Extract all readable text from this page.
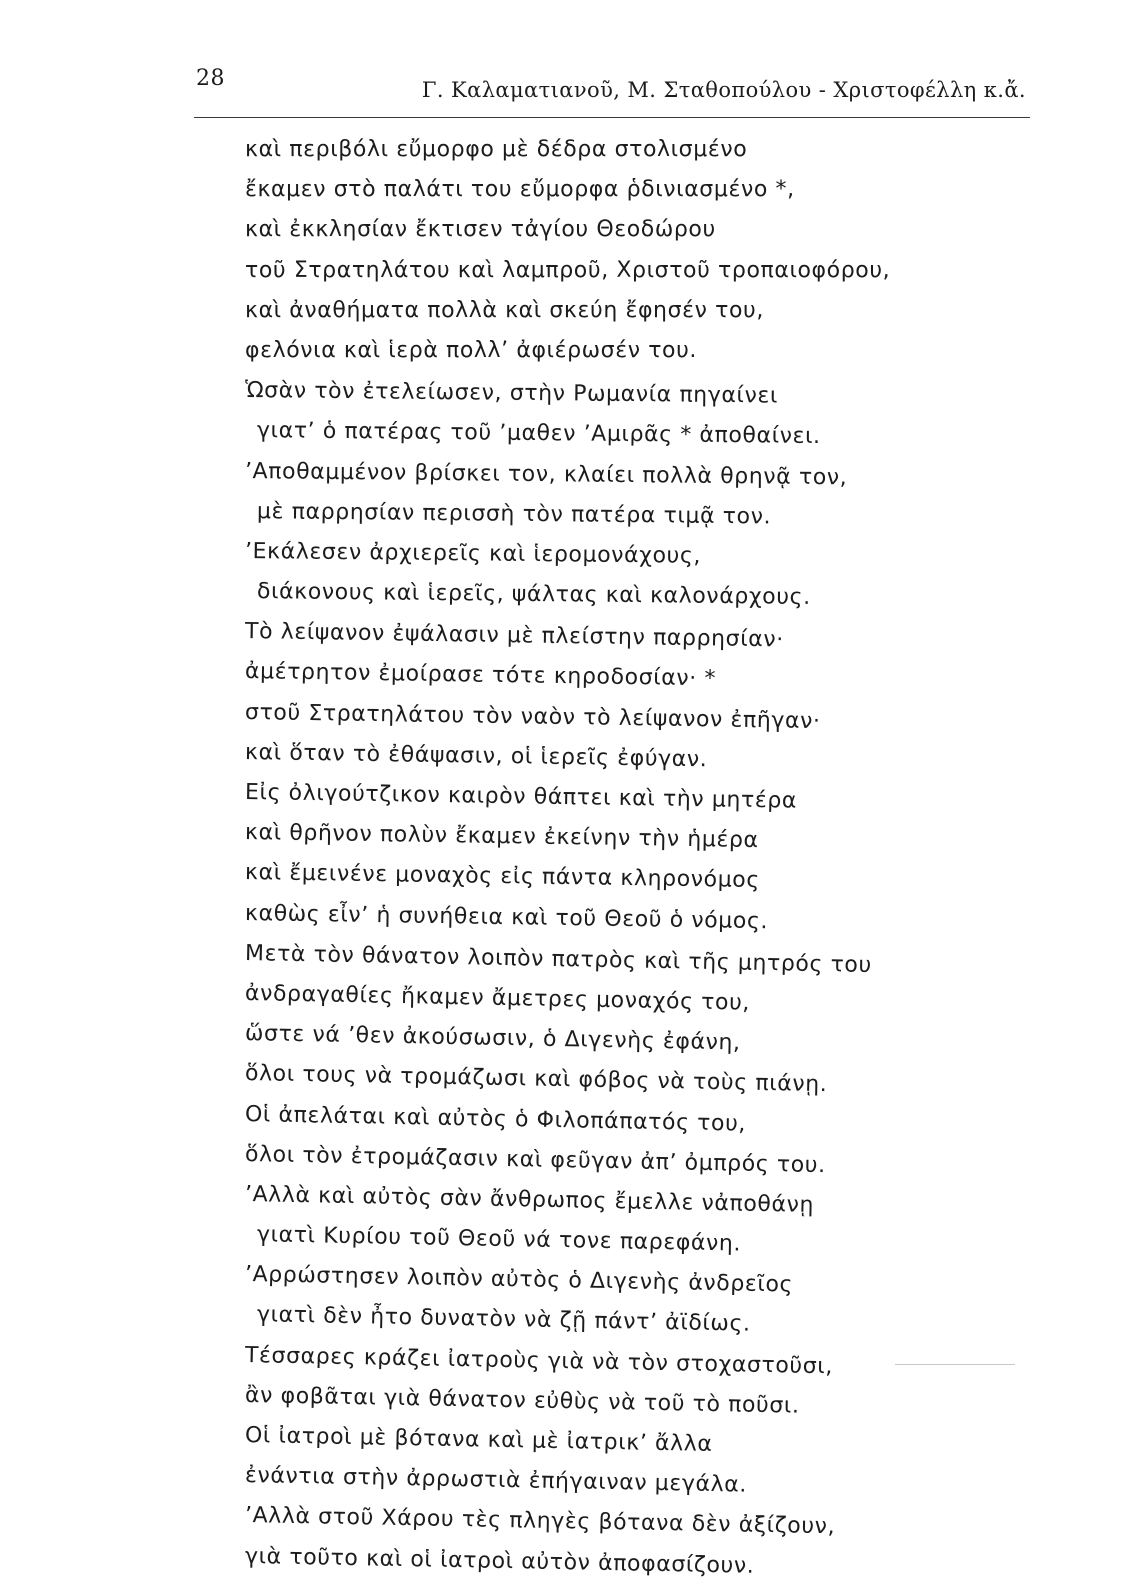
28	Γ. Καλαματιανοῦ, Μ. Σταθοπούλου - Χριστοφέλλη κ.ἄ.
καὶ περιβόλι εὔμορφο μὲ δέδρα στολισμένο
ἔκαμεν στὸ παλάτι του εὔμορφα ῥδινιασμένο *,
καὶ ἐκκλησίαν ἔκτισεν τἀγίου Θεοδώρου
τοῦ Στρατηλάτου καὶ λαμπροῦ, Χριστοῦ τροπαιοφόρου,
καὶ ἀναθήματα πολλὰ καὶ σκεύη ἔφησέν του,
φελόνια καὶ ἱερὰ πολλ’ ἀφιέρωσέν του.
Ὡσὰν τὸν ἐτελείωσεν, στὴν Ρωμανία πηγαίνει
γιατ’ ὁ πατέρας τοῦ ’μαθεν ’Αμιρᾶς * ἀποθαίνει.
’Αποθαμμένον βρίσκει τον, κλαίει πολλὰ θρηνᾷ τον,
μὲ παρρησίαν περισσὴ τὸν πατέρα τιμᾷ τον.
’Εκάλεσεν ἀρχιερεῖς καὶ ἱερομονάχους,
διάκονους καὶ ἱερεῖς, ψάλτας καὶ καλονάρχους.
Τὸ λείψανον ἐψάλασιν μὲ πλείστην παρρησίαν·
ἀμέτρητον ἐμοίρασε τότε κηροδοσίαν· *
στοῦ Στρατηλάτου τὸν ναὸν τὸ λείψανον ἐπῆγαν·
καὶ ὅταν τὸ ἐθάψασιν, οἱ ἱερεῖς ἐφύγαν.
Εἰς ὀλιγούτζικον καιρὸν θάπτει καὶ τὴν μητέρα
καὶ θρῆνον πολὺν ἔκαμεν ἐκείνην τὴν ἡμέρα
καὶ ἔμεινένε μοναχὸς εἰς πάντα κληρονόμος
καθὼς εἶν’ ἡ συνήθεια καὶ τοῦ Θεοῦ ὁ νόμος.
Μετὰ τὸν θάνατον λοιπὸν πατρὸς καὶ τῆς μητρός του
ἀνδραγαθίες ἤκαμεν ἄμετρες μοναχός του,
ὥστε νά ’θεν ἀκούσωσιν, ὁ Διγενὴς ἐφάνη,
ὅλοι τους νὰ τρομάζωσι καὶ φόβος νὰ τοὺς πιάνῃ.
Οἱ ἀπελάται καὶ αὐτὸς ὁ Φιλοπάπατός του,
ὅλοι τὸν ἐτρομάζασιν καὶ φεῦγαν ἀπ’ ὀμπρός του.
’Αλλὰ καὶ αὐτὸς σὰν ἄνθρωπος ἔμελλε νἀποθάνῃ
γιατὶ Κυρίου τοῦ Θεοῦ νά τονε παρεφάνη.
’Αρρώστησεν λοιπὸν αὐτὸς ὁ Διγενὴς ἀνδρεῖος
γιατὶ δὲν ἦτο δυνατὸν νὰ ζῇ πάντ’ ἀϊδίως.
Τέσσαρες κράζει ἰατροὺς γιὰ νὰ τὸν στοχαστοῦσι,
ἂν φοβᾶται γιὰ θάνατον εὐθὺς νὰ τοῦ τὸ ποῦσι.
Οἱ ἰατροὶ μὲ βότανα καὶ μὲ ἰατρικ’ ἄλλα
ἐνάντια στὴν ἀρρωστιὰ ἐπήγαιναν μεγάλα.
’Αλλὰ στοῦ Χάρου τὲς πληγὲς βότανα δὲν ἀξίζουν,
γιὰ τοῦτο καὶ οἱ ἰατροὶ αὐτὸν ἀποφασίζουν.
